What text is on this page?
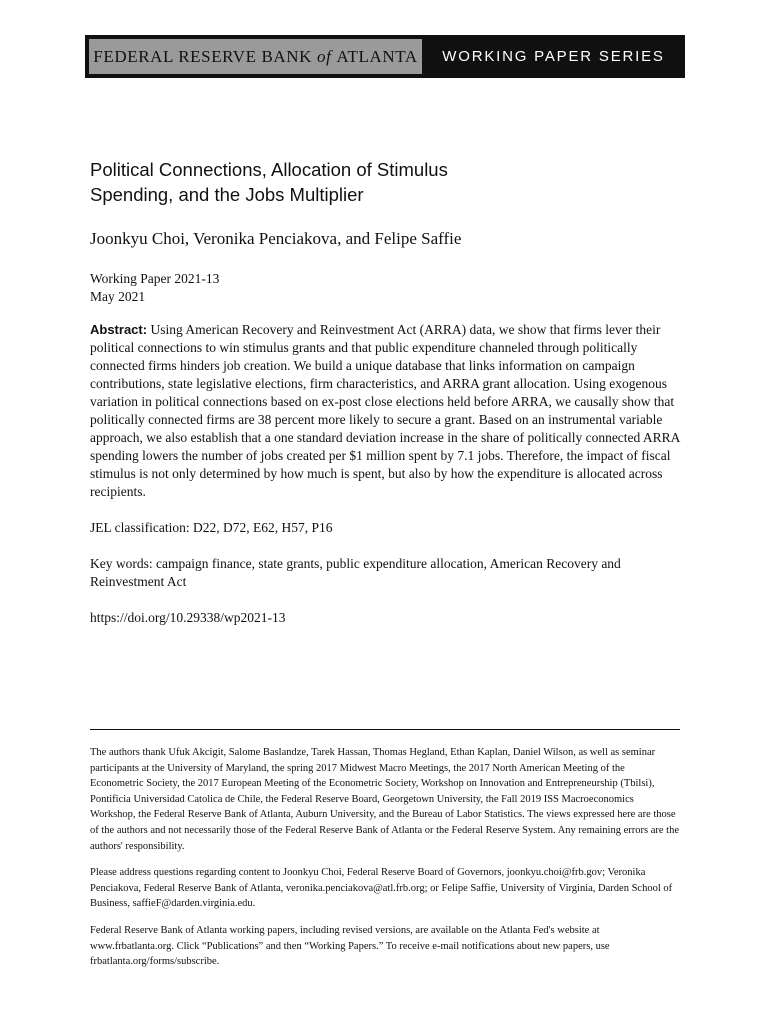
FEDERAL RESERVE BANK of ATLANTA	WORKING PAPER SERIES
Political Connections, Allocation of Stimulus
Spending, and the Jobs Multiplier
Joonkyu Choi, Veronika Penciakova, and Felipe Saffie
Working Paper 2021-13
May 2021

Abstract: Using American Recovery and Reinvestment Act (ARRA) data, we show that firms lever their political connections to win stimulus grants and that public expenditure channeled through politically connected firms hinders job creation. We build a unique database that links information on campaign contributions, state legislative elections, firm characteristics, and ARRA grant allocation. Using exogenous variation in political connections based on ex-post close elections held before ARRA, we causally show that politically connected firms are 38 percent more likely to secure a grant. Based on an instrumental variable approach, we also establish that a one standard deviation increase in the share of politically connected ARRA spending lowers the number of jobs created per $1 million spent by 7.1 jobs. Therefore, the impact of fiscal stimulus is not only determined by how much is spent, but also by how the expenditure is allocated across recipients.

JEL classification: D22, D72, E62, H57, P16

Key words: campaign finance, state grants, public expenditure allocation, American Recovery and Reinvestment Act

https://doi.org/10.29338/wp2021-13

The authors thank Ufuk Akcigit, Salome Baslandze, Tarek Hassan, Thomas Hegland, Ethan Kaplan, Daniel Wilson, as well as seminar participants at the University of Maryland, the spring 2017 Midwest Macro Meetings, the 2017 North American Meeting of the Econometric Society, the 2017 European Meeting of the Econometric Society, Workshop on Innovation and Entrepreneurship (Tbilsi), Pontificia Universidad Catolica de Chile, the Federal Reserve Board, Georgetown University, the Fall 2019 ISS Macroeconomics Workshop, the Federal Reserve Bank of Atlanta, Auburn University, and the Bureau of Labor Statistics. The views expressed here are those of the authors and not necessarily those of the Federal Reserve Bank of Atlanta or the Federal Reserve System. Any remaining errors are the authors' responsibility.

Please address questions regarding content to Joonkyu Choi, Federal Reserve Board of Governors, joonkyu.choi@frb.gov; Veronika Penciakova, Federal Reserve Bank of Atlanta, veronika.penciakova@atl.frb.org; or Felipe Saffie, University of Virginia, Darden School of Business, saffieF@darden.virginia.edu.

Federal Reserve Bank of Atlanta working papers, including revised versions, are available on the Atlanta Fed's website at www.frbatlanta.org. Click “Publications” and then “Working Papers.” To receive e-mail notifications about new papers, use frbatlanta.org/forms/subscribe.
